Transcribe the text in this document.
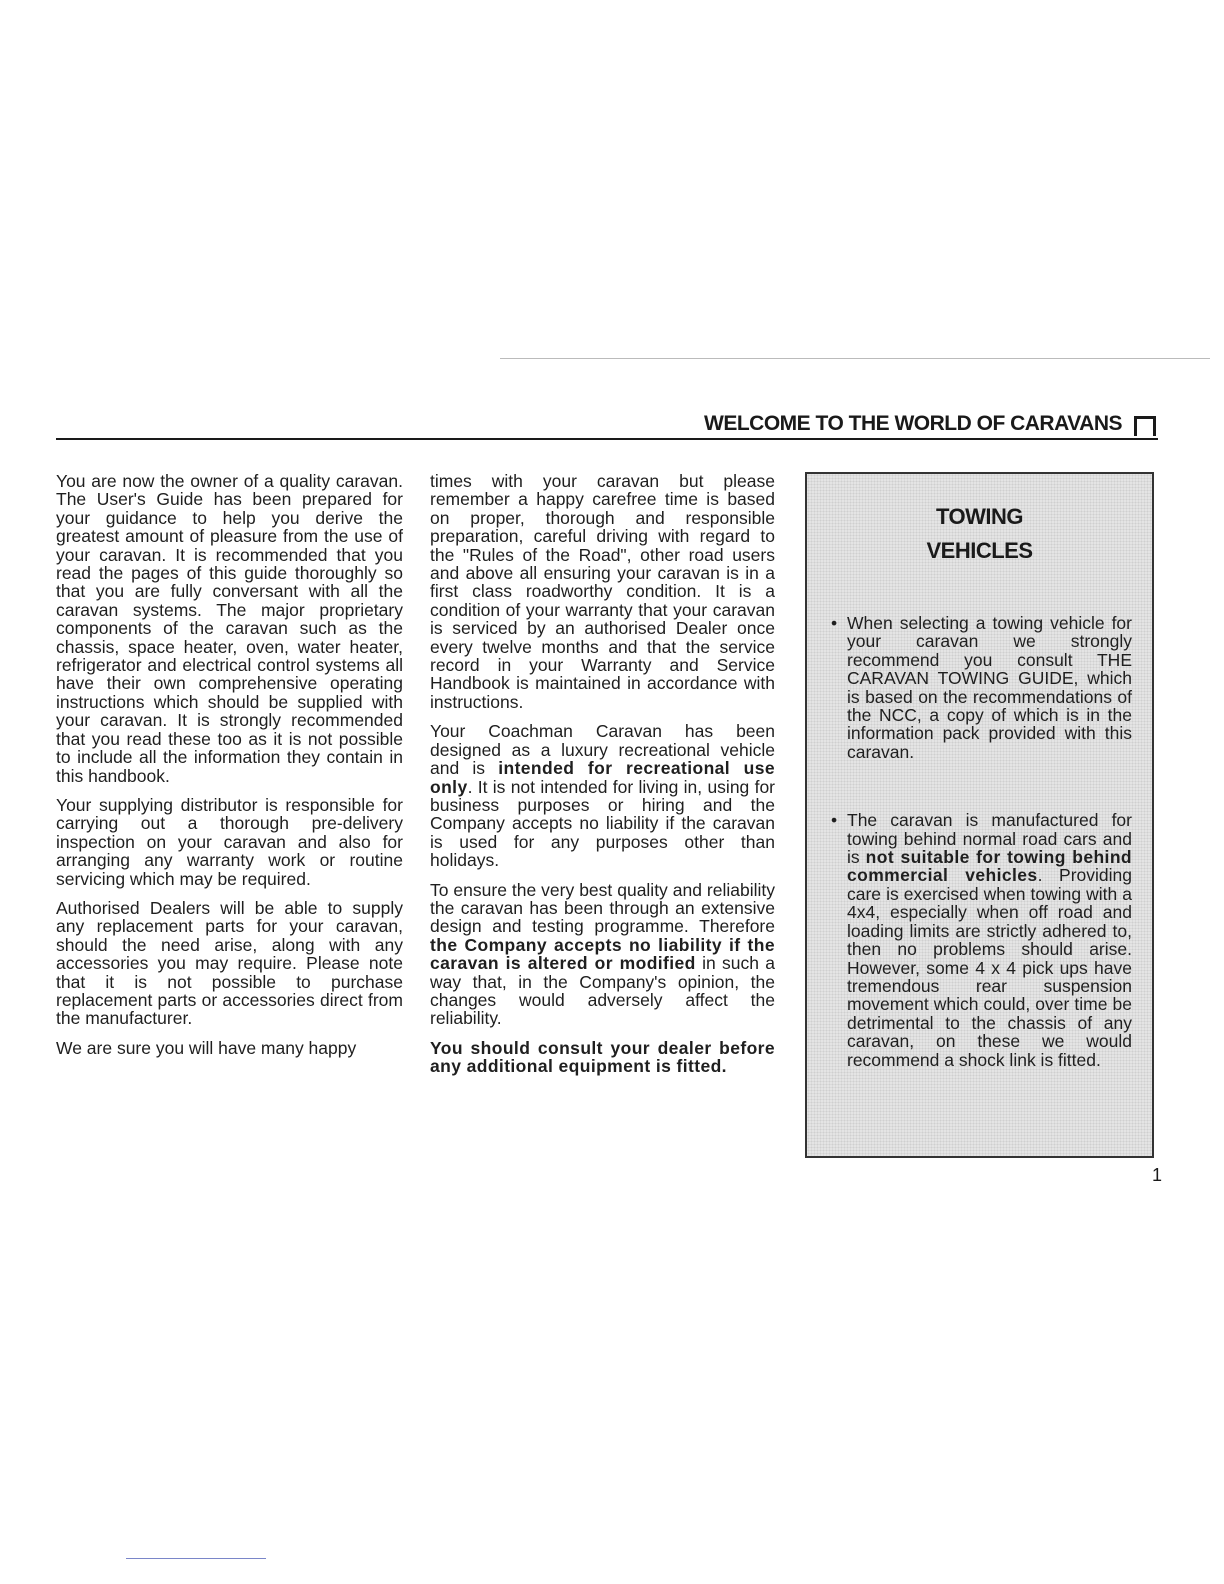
WELCOME TO THE WORLD OF CARAVANS

You are now the owner of a quality caravan. The User's Guide has been prepared for your guidance to help you derive the greatest amount of pleasure from the use of your caravan. It is recommended that you read the pages of this guide thoroughly so that you are fully conversant with all the caravan systems. The major proprietary components of the caravan such as the chassis, space heater, oven, water heater, refrigerator and electrical control systems all have their own comprehensive operating instructions which should be supplied with your caravan. It is strongly recommended that you read these too as it is not possible to include all the information they contain in this handbook.

Your supplying distributor is responsible for carrying out a thorough pre-delivery inspection on your caravan and also for arranging any warranty work or routine servicing which may be required.

Authorised Dealers will be able to supply any replacement parts for your caravan, should the need arise, along with any accessories you may require. Please note that it is not possible to purchase replacement parts or accessories direct from the manufacturer.

We are sure you will have many happy

times with your caravan but please remember a happy carefree time is based on proper, thorough and responsible preparation, careful driving with regard to the "Rules of the Road", other road users and above all ensuring your caravan is in a first class roadworthy condition. It is a condition of your warranty that your caravan is serviced by an authorised Dealer once every twelve months and that the service record in your Warranty and Service Handbook is maintained in accordance with instructions.

Your Coachman Caravan has been designed as a luxury recreational vehicle and is intended for recreational use only. It is not intended for living in, using for business purposes or hiring and the Company accepts no liability if the caravan is used for any purposes other than holidays.

To ensure the very best quality and reliability the caravan has been through an extensive design and testing programme. Therefore the Company accepts no liability if the caravan is altered or modified in such a way that, in the Company's opinion, the changes would adversely affect the reliability.

You should consult your dealer before any additional equipment is fitted.

TOWING
VEHICLES
• When selecting a towing vehicle for your caravan we strongly recommend you consult THE CARAVAN TOWING GUIDE, which is based on the recommendations of the NCC, a copy of which is in the information pack provided with this caravan.
• The caravan is manufactured for towing behind normal road cars and is not suitable for towing behind commercial vehicles. Providing care is exercised when towing with a 4x4, especially when off road and loading limits are strictly adhered to, then no problems should arise. However, some 4 x 4 pick ups have tremendous rear suspension movement which could, over time be detrimental to the chassis of any caravan, on these we would recommend a shock link is fitted.
1
